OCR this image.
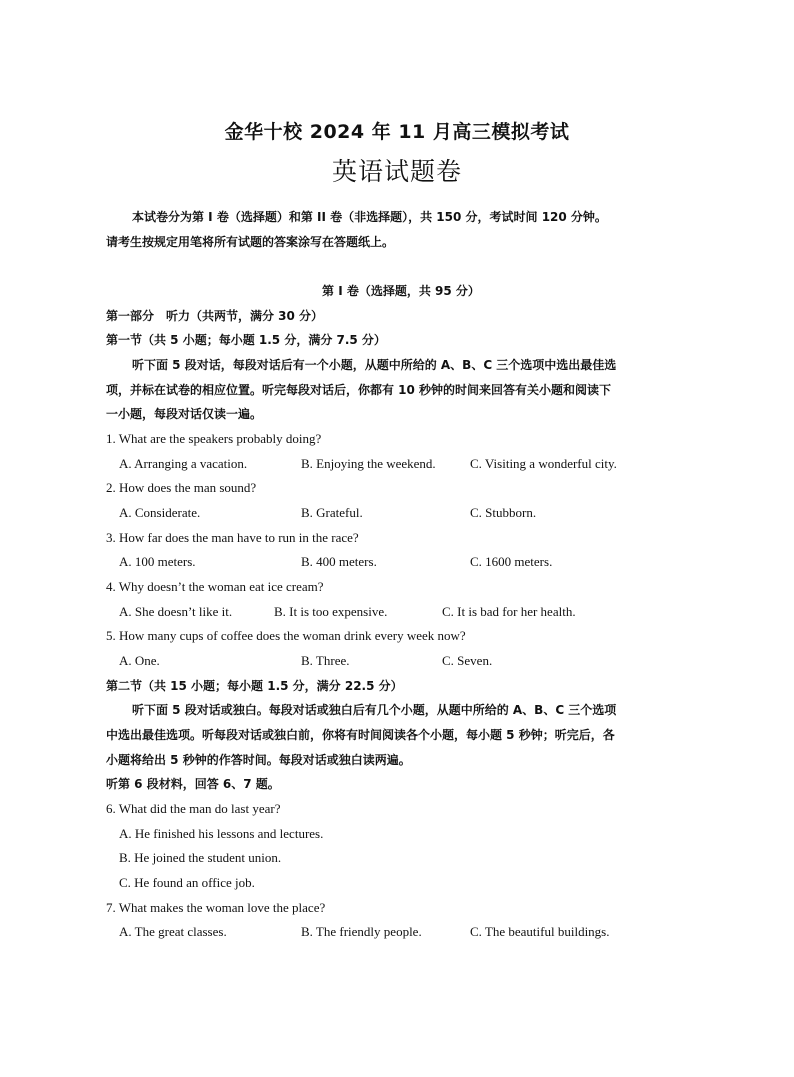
金华十校 2024 年 11 月高三模拟考试
英语试题卷
本试卷分为第 I 卷（选择题）和第 II 卷（非选择题），共 150 分，考试时间 120 分钟。
请考生按规定用笔将所有试题的答案涂写在答题纸上。
第 I 卷（选择题，共 95 分）
第一部分　听力（共两节，满分 30 分）
第一节（共 5 小题；每小题 1.5 分，满分 7.5 分）
听下面 5 段对话，每段对话后有一个小题，从题中所给的 A、B、C 三个选项中选出最佳选
项，并标在试卷的相应位置。听完每段对话后，你都有 10 秒钟的时间来回答有关小题和阅读下
一小题，每段对话仅读一遍。
1. What are the speakers probably doing?
A. Arranging a vacation.	B. Enjoying the weekend.	C. Visiting a wonderful city.
2. How does the man sound?
A. Considerate.	B. Grateful.	C. Stubborn.
3. How far does the man have to run in the race?
A. 100 meters.	B. 400 meters.	C. 1600 meters.
4. Why doesn’t the woman eat ice cream?
A. She doesn’t like it.	B. It is too expensive.	C. It is bad for her health.
5. How many cups of coffee does the woman drink every week now?
A. One.	B. Three.	C. Seven.
第二节（共 15 小题；每小题 1.5 分，满分 22.5 分）
听下面 5 段对话或独白。每段对话或独白后有几个小题，从题中所给的 A、B、C 三个选项
中选出最佳选项。听每段对话或独白前，你将有时间阅读各个小题，每小题 5 秒钟；听完后，各
小题将给出 5 秒钟的作答时间。每段对话或独白读两遍。
听第 6 段材料，回答 6、7 题。
6. What did the man do last year?
A. He finished his lessons and lectures.
B. He joined the student union.
C. He found an office job.
7. What makes the woman love the place?
A. The great classes.	B. The friendly people.	C. The beautiful buildings.
